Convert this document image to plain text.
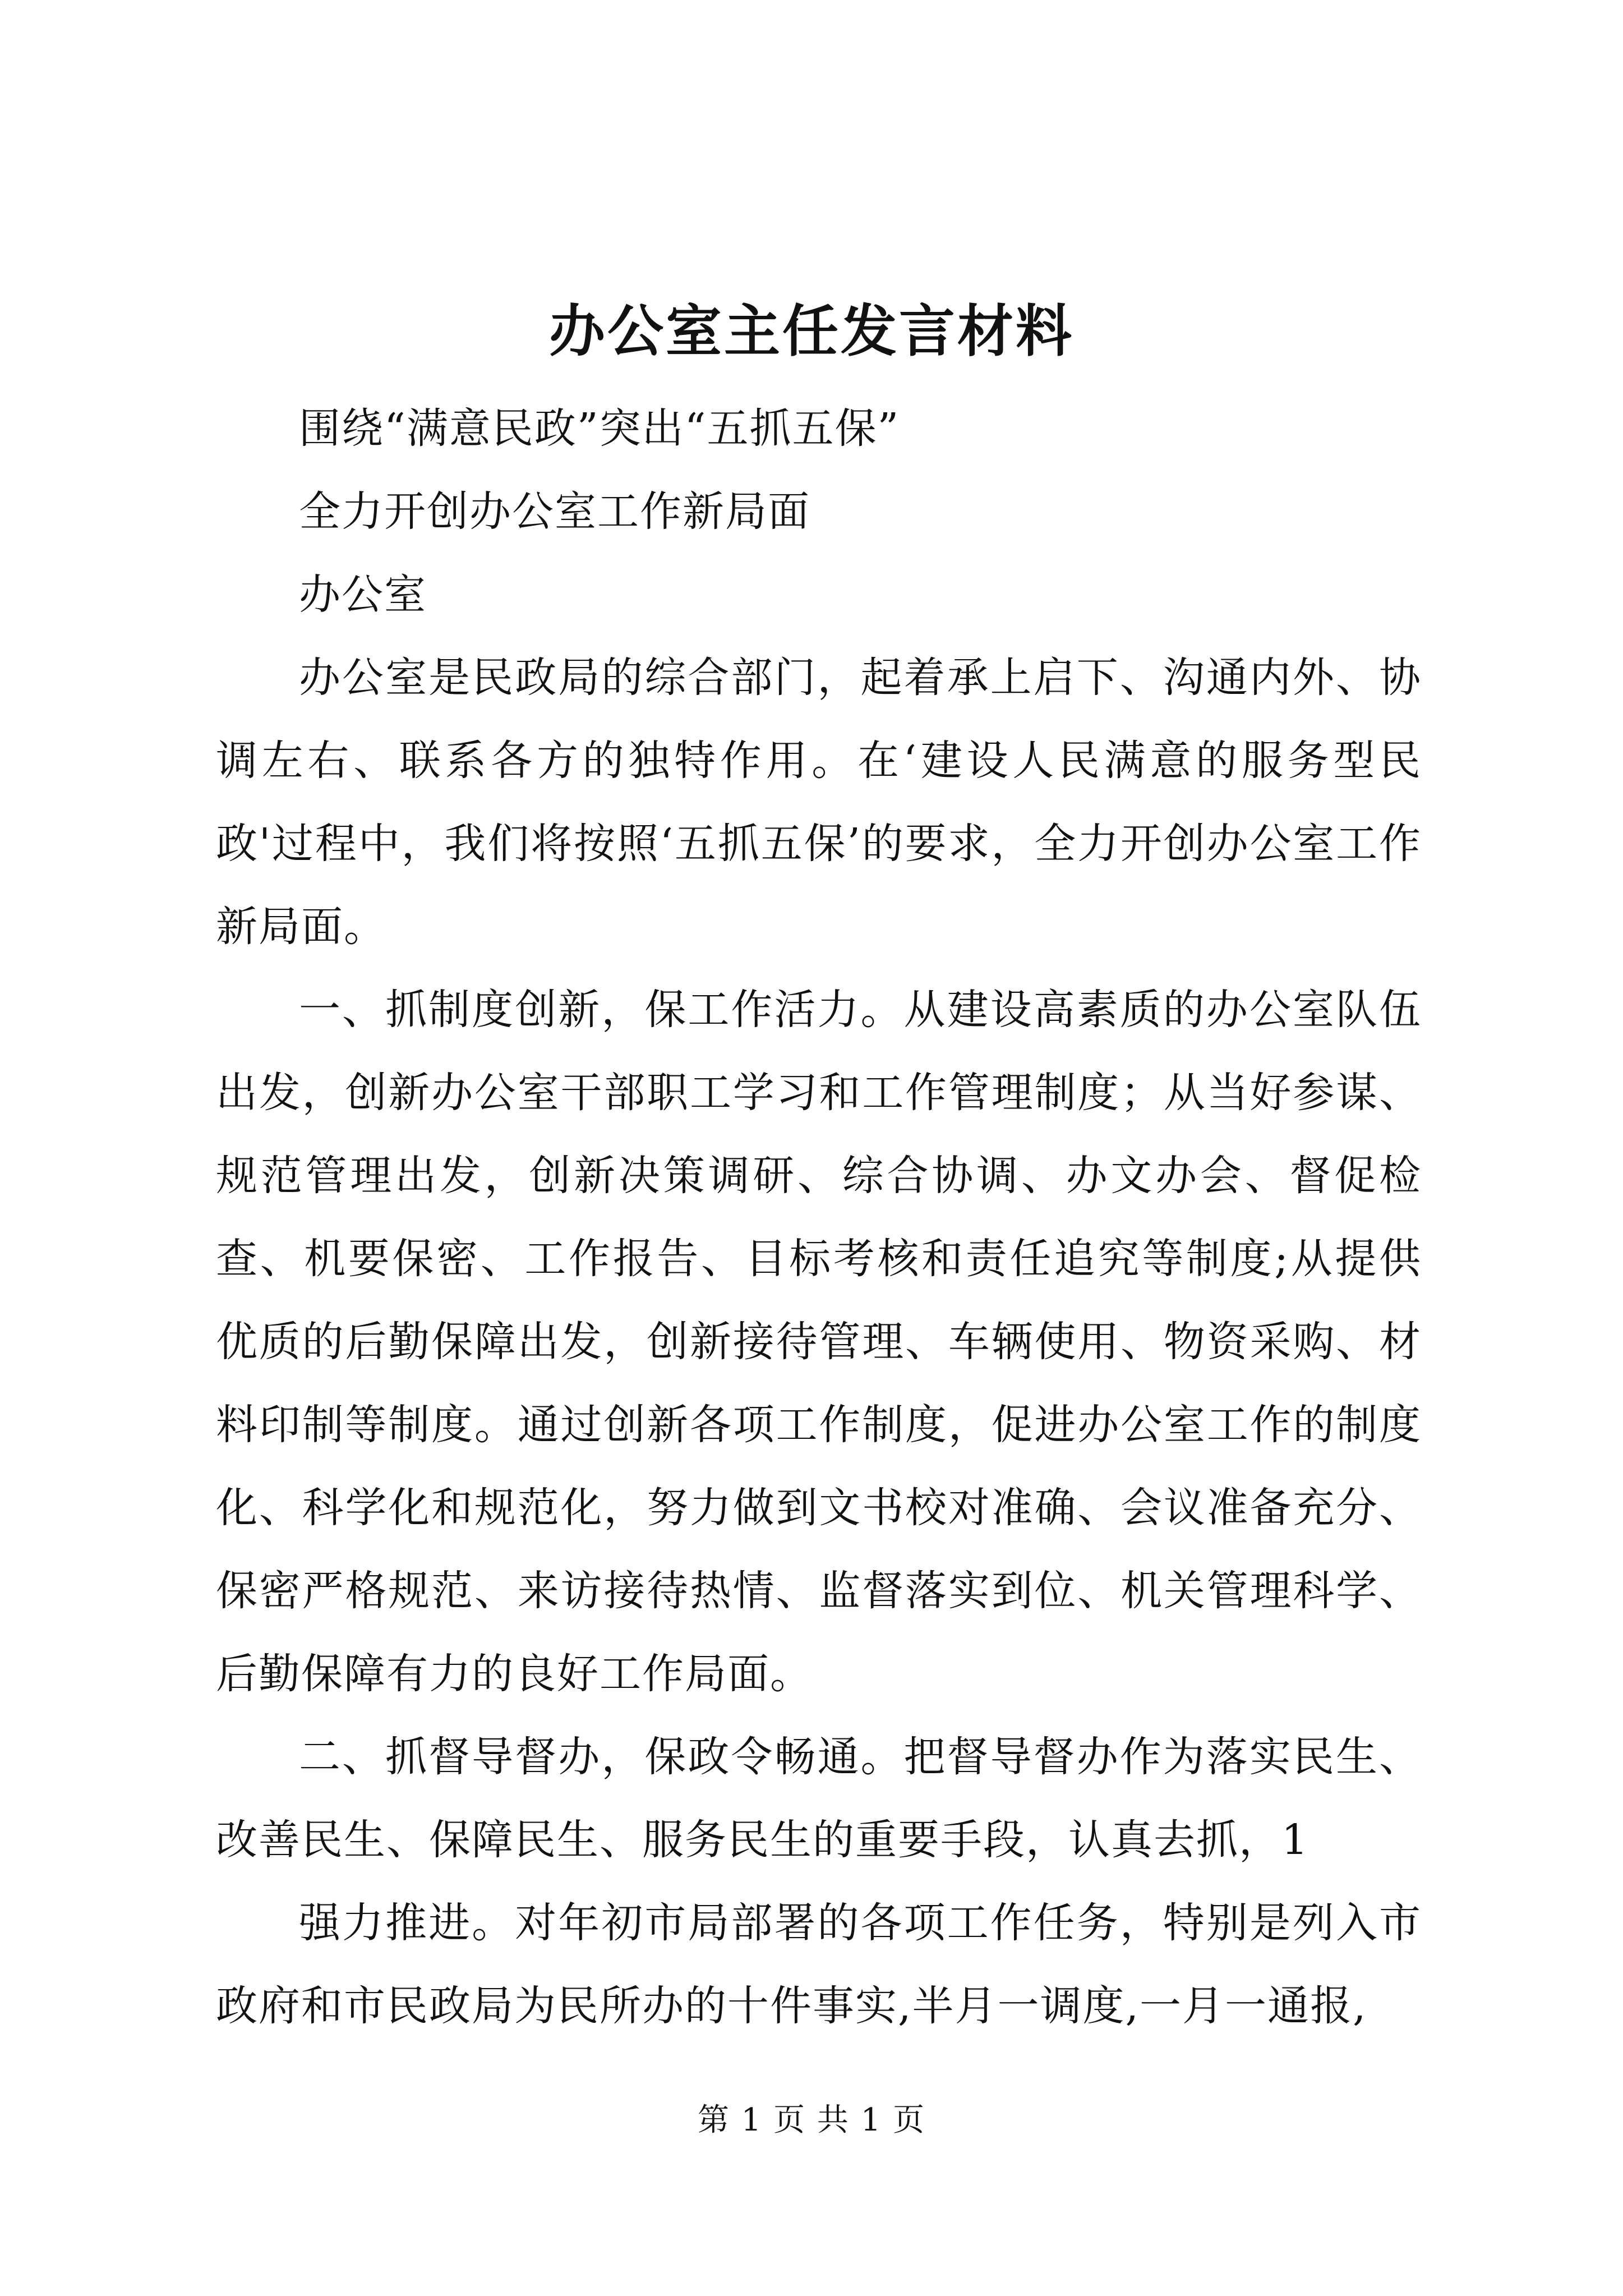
办公室主任发言材料

围绕“满意民政”突出“五抓五保”

全力开创办公室工作新局面

办公室

办公室是民政局的综合部门，起着承上启下、沟通内外、协调左右、联系各方的独特作用。在‘建设人民满意的服务型民政'过程中，我们将按照‘五抓五保’的要求，全力开创办公室工作新局面。

一、抓制度创新，保工作活力。从建设高素质的办公室队伍出发，创新办公室干部职工学习和工作管理制度；从当好参谋、规范管理出发，创新决策调研、综合协调、办文办会、督促检查、机要保密、工作报告、目标考核和责任追究等制度;从提供优质的后勤保障出发，创新接待管理、车辆使用、物资采购、材料印制等制度。通过创新各项工作制度，促进办公室工作的制度化、科学化和规范化，努力做到文书校对准确、会议准备充分、保密严格规范、来访接待热情、监督落实到位、机关管理科学、后勤保障有力的良好工作局面。

二、抓督导督办，保政令畅通。把督导督办作为落实民生、改善民生、保障民生、服务民生的重要手段，认真去抓，1

强力推进。对年初市局部署的各项工作任务，特别是列入市政府和市民政局为民所办的十件事实,半月一调度,一月一通报,

第 1 页 共 1 页
